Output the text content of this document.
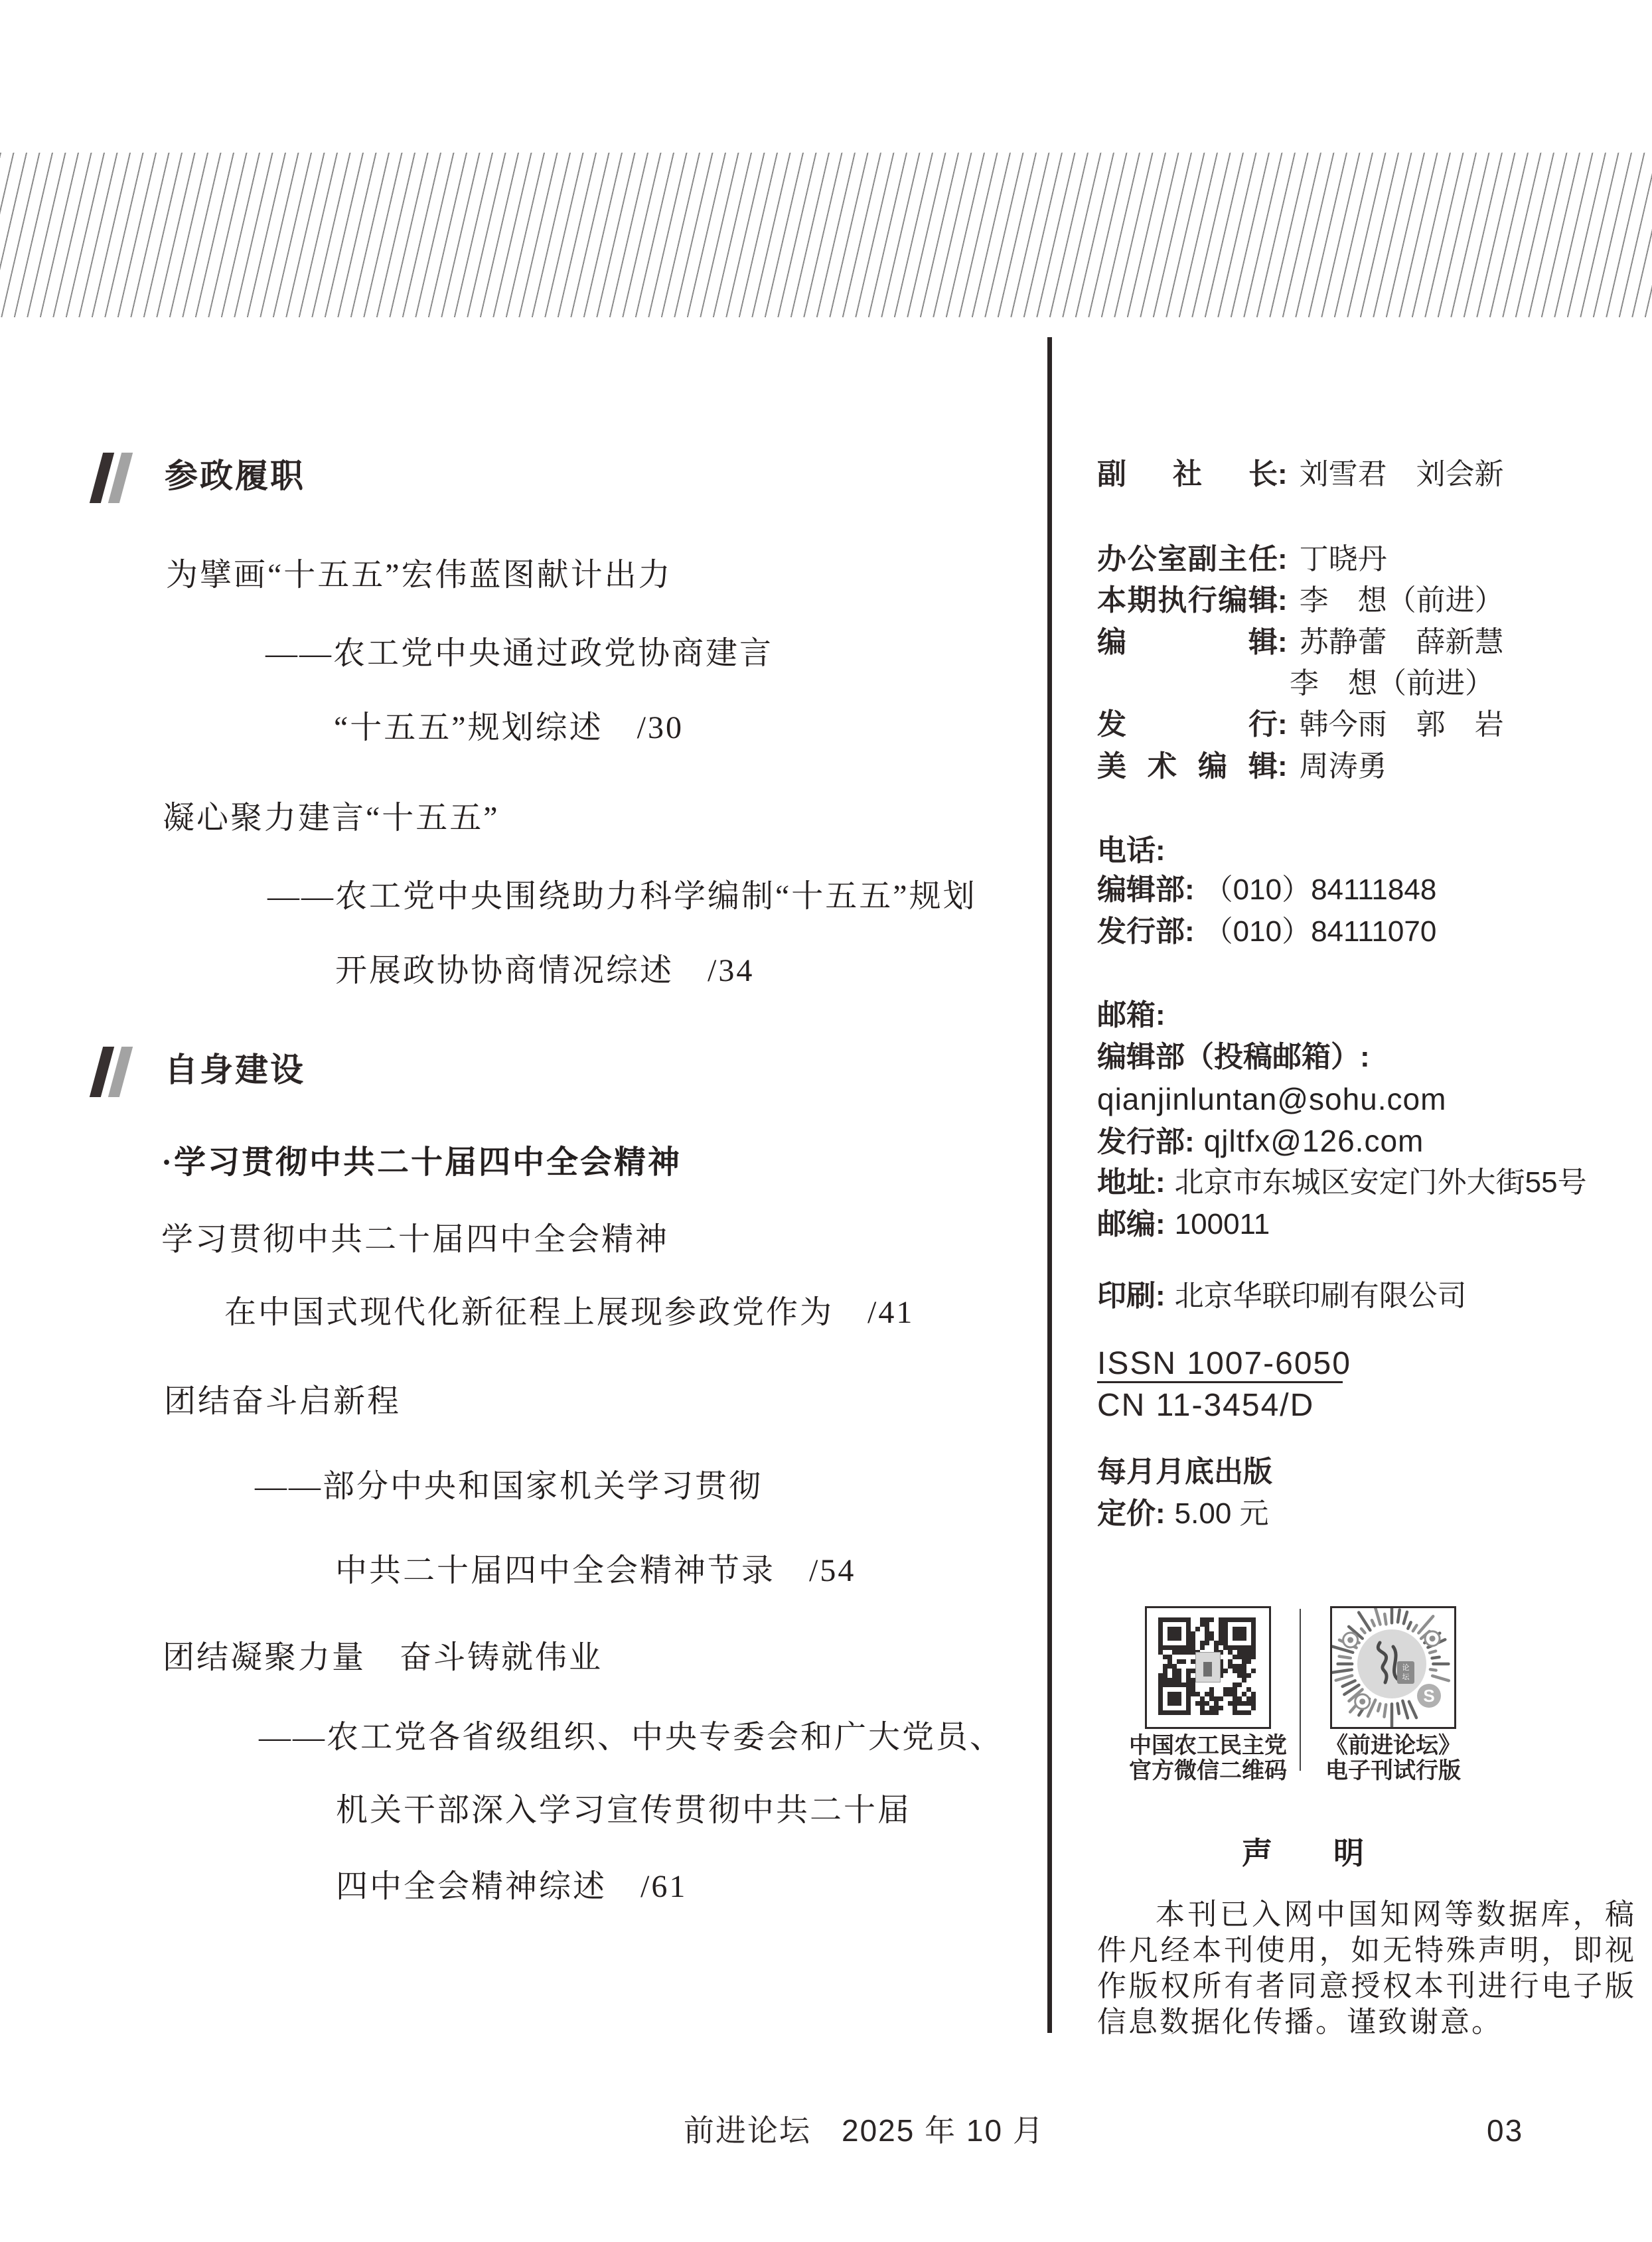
参政履职
为擘画“十五五”宏伟蓝图献计出力
——农工党中央通过政党协商建言
“十五五”规划综述　/30
凝心聚力建言“十五五”
——农工党中央围绕助力科学编制“十五五”规划
开展政协协商情况综述　/34
自身建设
·学习贯彻中共二十届四中全会精神
学习贯彻中共二十届四中全会精神
在中国式现代化新征程上展现参政党作为　/41
团结奋斗启新程
——部分中央和国家机关学习贯彻
中共二十届四中全会精神节录　/54
团结凝聚力量　奋斗铸就伟业
——农工党各省级组织、中央专委会和广大党员、
机关干部深入学习宣传贯彻中共二十届
四中全会精神综述　/61
副社长: 刘雪君　刘会新
办公室副主任: 丁晓丹
本期执行编辑: 李　想（前进）
编辑: 苏静蕾　薛新慧
李　想（前进）
发行: 韩今雨　郭　岩
美术编辑: 周涛勇
电话:
编辑部: （010）84111848
发行部: （010）84111070
邮箱:
编辑部（投稿邮箱）:
qianjinluntan@sohu.com
发行部: qjltfx@126.com
地址: 北京市东城区安定门外大街55号
邮编: 100011
印刷: 北京华联印刷有限公司
ISSN 1007-6050
CN 11-3454/D
每月月底出版
定价: 5.00 元
论
坛
S
中国农工民主党
官方微信二维码
《前进论坛》
电子刊试行版
声　　明
本刊已入网中国知网等数据库，稿件凡经本刊使用，如无特殊声明，即视作版权所有者同意授权本刊进行电子版信息数据化传播。谨致谢意。
前进论坛 2025 年 10 月	03
